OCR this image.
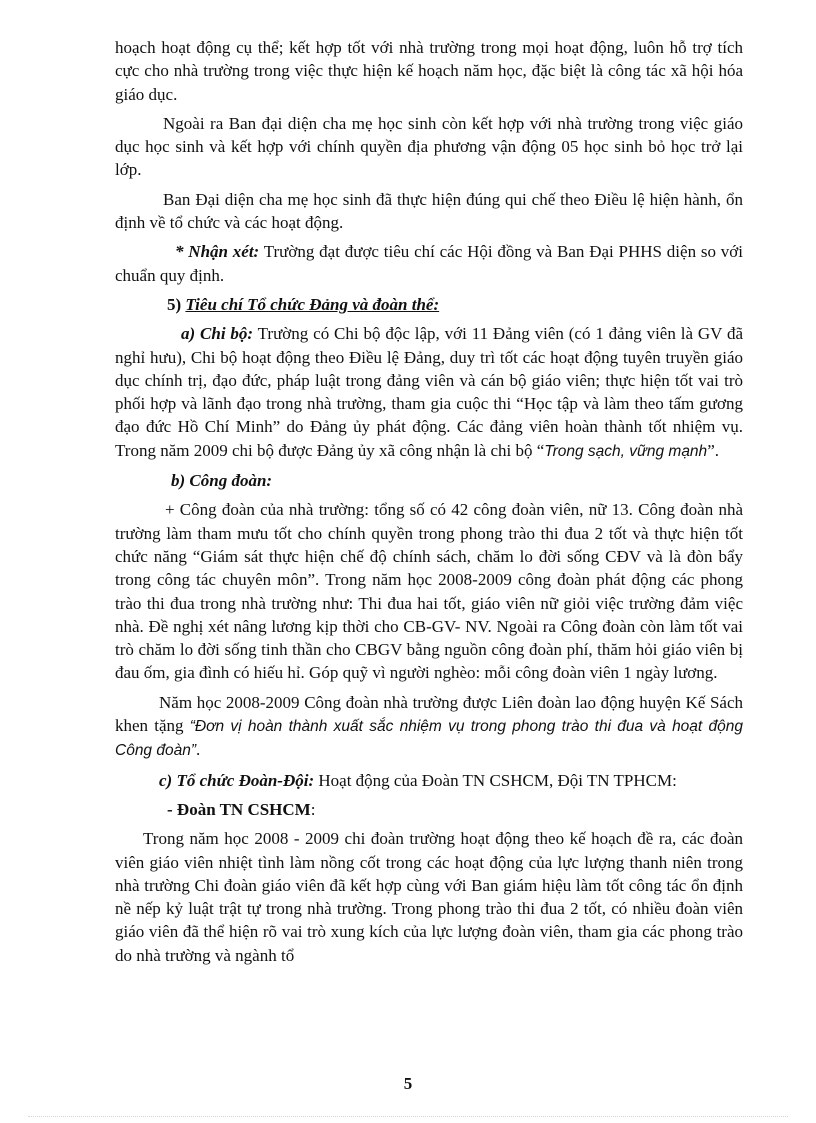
hoạch hoạt động cụ thể; kết hợp tốt với nhà trường trong mọi hoạt động, luôn hỗ trợ tích cực cho nhà trường trong việc thực hiện kế hoạch năm học, đặc biệt là công tác xã hội hóa giáo dục.

Ngoài ra Ban đại diện cha mẹ học sinh còn kết hợp với nhà trường trong việc giáo dục học sinh và kết hợp với chính quyền địa phương vận động 05 học sinh bỏ học trở lại lớp.

Ban Đại diện cha mẹ học sinh đã thực hiện đúng qui chế theo Điều lệ hiện hành, ổn định về tổ chức và các hoạt động.

* Nhận xét: Trường đạt được tiêu chí các Hội đồng và Ban Đại PHHS diện so với chuẩn quy định.

5) Tiêu chí Tổ chức Đảng và đoàn thể:

a) Chi bộ: Trường có Chi bộ độc lập, với 11 Đảng viên (có 1 đảng viên là GV đã nghỉ hưu), Chi bộ hoạt động theo Điều lệ Đảng, duy trì tốt các hoạt động tuyên truyền giáo dục chính trị, đạo đức, pháp luật trong đảng viên và cán bộ giáo viên; thực hiện tốt vai trò phối hợp và lãnh đạo trong nhà trường, tham gia cuộc thi “Học tập và làm theo tấm gương đạo đức Hồ Chí Minh” do Đảng ủy phát động. Các đảng viên hoàn thành tốt nhiệm vụ. Trong năm 2009 chi bộ được Đảng ủy xã công nhận là chi bộ “Trong sạch, vững mạnh”.

b) Công đoàn:

+ Công đoàn của nhà trường: tổng số có 42 công đoàn viên, nữ 13. Công đoàn nhà trường làm tham mưu tốt cho chính quyền trong phong trào thi đua 2 tốt và thực hiện tốt chức năng “Giám sát thực hiện chế độ chính sách, chăm lo đời sống CĐV và là đòn bẩy trong công tác chuyên môn”. Trong năm học 2008-2009 công đoàn phát động các phong trào thi đua trong nhà trường như: Thi đua hai tốt, giáo viên nữ giỏi việc trường đảm việc nhà. Đề nghị xét nâng lương kịp thời cho CB-GV- NV. Ngoài ra Công đoàn còn làm tốt vai trò chăm lo đời sống tinh thần cho CBGV bằng nguồn công đoàn phí, thăm hỏi giáo viên bị đau ốm, gia đình có hiếu hỉ. Góp quỹ vì người nghèo: mỗi công đoàn viên 1 ngày lương.

Năm học 2008-2009 Công đoàn nhà trường được Liên đoàn lao động huyện Kế Sách khen tặng “Đơn vị hoàn thành xuất sắc nhiệm vụ trong phong trào thi đua và hoạt động Công đoàn”.

c) Tổ chức Đoàn-Đội: Hoạt động của Đoàn TN CSHCM, Đội TN TPHCM:

- Đoàn TN CSHCM:

Trong năm học 2008 - 2009 chi đoàn trường hoạt động theo kế hoạch đề ra, các đoàn viên giáo viên nhiệt tình làm nồng cốt trong các hoạt động của lực lượng thanh niên trong nhà trường Chi đoàn giáo viên đã kết hợp cùng với Ban giám hiệu làm tốt công tác ổn định nề nếp kỷ luật trật tự trong nhà trường. Trong phong trào thi đua 2 tốt, có nhiều đoàn viên giáo viên đã thể hiện rõ vai trò xung kích của lực lượng đoàn viên, tham gia các phong trào do nhà trường và ngành tổ

5
